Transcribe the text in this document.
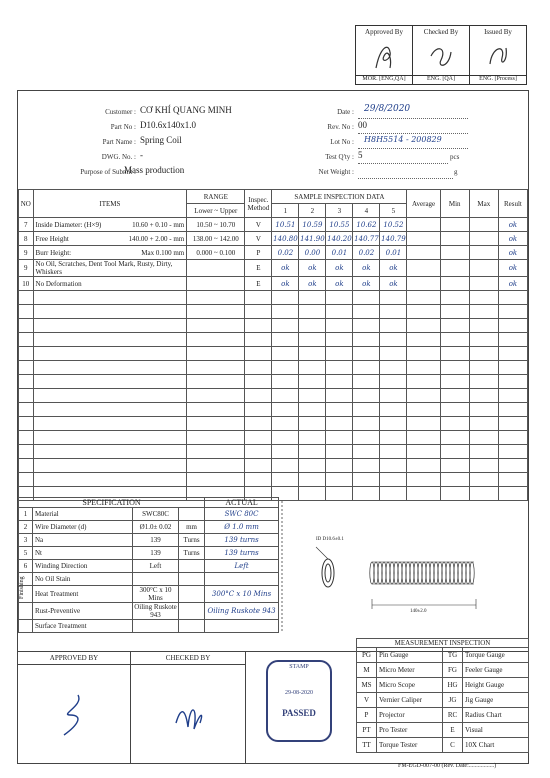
Approved By
MOR. [ENG,QA]
Checked By
ENG. [QA]
Issued By
ENG. [Process]
Customer : CƠ KHÍ QUANG MINH
Part No : D10.6x140x1.0
Part Name : Spring Coil
DWG. No. : -
Purpose of Submit :
Mass production
Date : 29/8/2020
Rev. No : 00
Lot No : H8H5514 - 200829
Test Q'ty : 5	pcs
Net Weight :	g
NO	ITEMS	RANGE	Inspec. Method	SAMPLE INSPECTION DATA					Average	Min	Max	Result
		Lower ~ Upper		1	2	3	4	5				
7	Inside Diameter: (H×9) 10.60 + 0.10 - mm	10.50 ~ 10.70	V	10.51	10.59	10.55	10.62	10.52				ok
8	Free Height 140.00 + 2.00 - mm	138.00 ~ 142.00	V	140.80	141.90	140.20	140.77	140.79				ok
9	Burr Height: Max 0.100 mm	0.000 ~ 0.100	P	0.02	0.00	0.01	0.02	0.01				ok
9	No Oil, Scratches, Dent Tool Mark, Rusty, Dirty, Whiskers		E	ok	ok	ok	ok	ok				ok
10	No Deformation		E	ok	ok	ok	ok	ok				ok

SPECIFICATION				ACTUAL
1	Material	SWC80C		SWC 80C
2	Wire Diameter (d)	Ø1.0± 0.02	mm	Ø 1.0 mm
3	Na	139	Turns	139 turns
5	Nt	139	Turns	139 turns
6	Winding Direction	Left		Left
	No Oil Stain			
	Heat Treatment	300°C x 10 Mins		300°C x 10 Mins
	Rust-Preventive	Oiling Ruskote 943		Oiling Ruskote 943
	Surface Treatment			
Finishing
ID D10.6±0.1
140±2.0
APPROVED BY	CHECKED BY
STAMP
29-08-2020
PASSED
MEASUREMENT INSPECTION			
PG	Pin Gauge	TG	Torque Gauge
M	Micro Meter	FG	Feeler Gauge
MS	Micro Scope	HG	Height Gauge
V	Vernier Caliper	JG	Jig Gauge
P	Projector	RC	Radius Chart
PT	Pro Tester	E	Visual
TT	Torque Tester	C	10X Chart
FM-EGD-007-00 (Rev. Date:.................)
